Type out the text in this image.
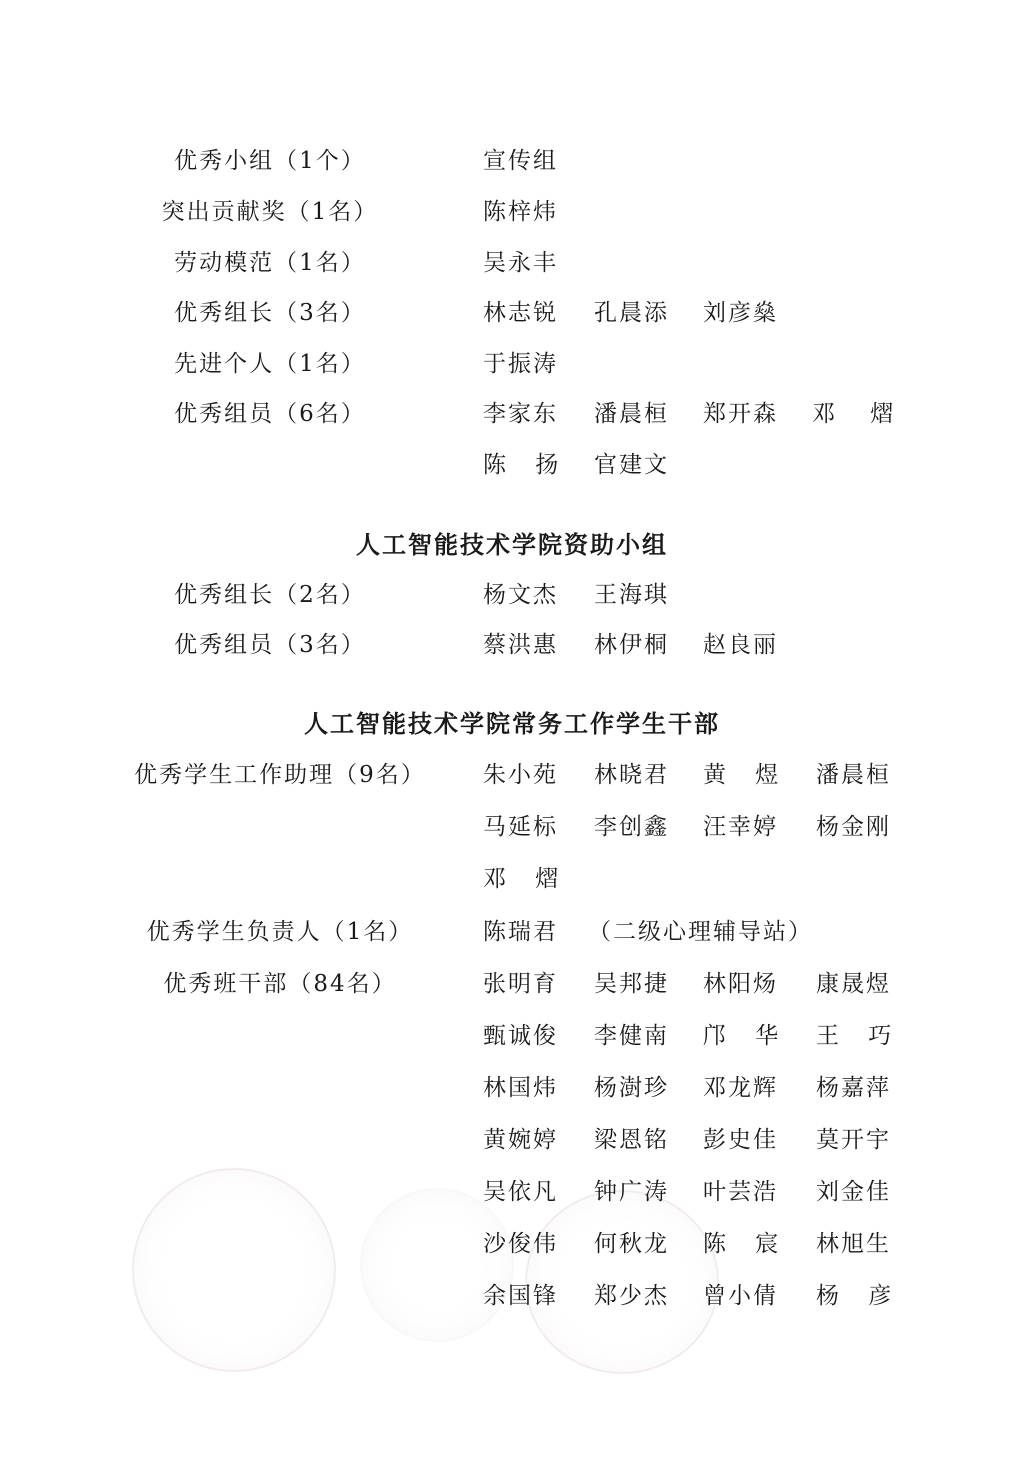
优秀小组（1个）	宣传组
突出贡献奖（1名）	陈梓炜
劳动模范（1名）	吴永丰
优秀组长（3名）	林志锐 孔晨添 刘彦燊
先进个人（1名）	于振涛
优秀组员（6名）	李家东 潘晨桓 郑开森 邓 熠
陈 扬 官建文
人工智能技术学院资助小组
优秀组长（2名）	杨文杰 王海琪
优秀组员（3名）	蔡洪惠 林伊桐 赵良丽
人工智能技术学院常务工作学生干部
优秀学生工作助理（9名）	朱小苑 林晓君 黄 煜 潘晨桓
马延标 李创鑫 汪幸婷 杨金刚
邓 熠
优秀学生负责人（1名）	陈瑞君 （二级心理辅导站）
优秀班干部（84名）	张明育 吴邦捷 林阳炀 康晟煜
甄诚俊 李健南 邝 华 王 巧
林国炜 杨澍珍 邓龙辉 杨嘉萍
黄婉婷 梁恩铭 彭史佳 莫开宇
吴依凡 钟广涛 叶芸浩 刘金佳
沙俊伟 何秋龙 陈 宸 林旭生
余国锋 郑少杰 曾小倩 杨 彦
